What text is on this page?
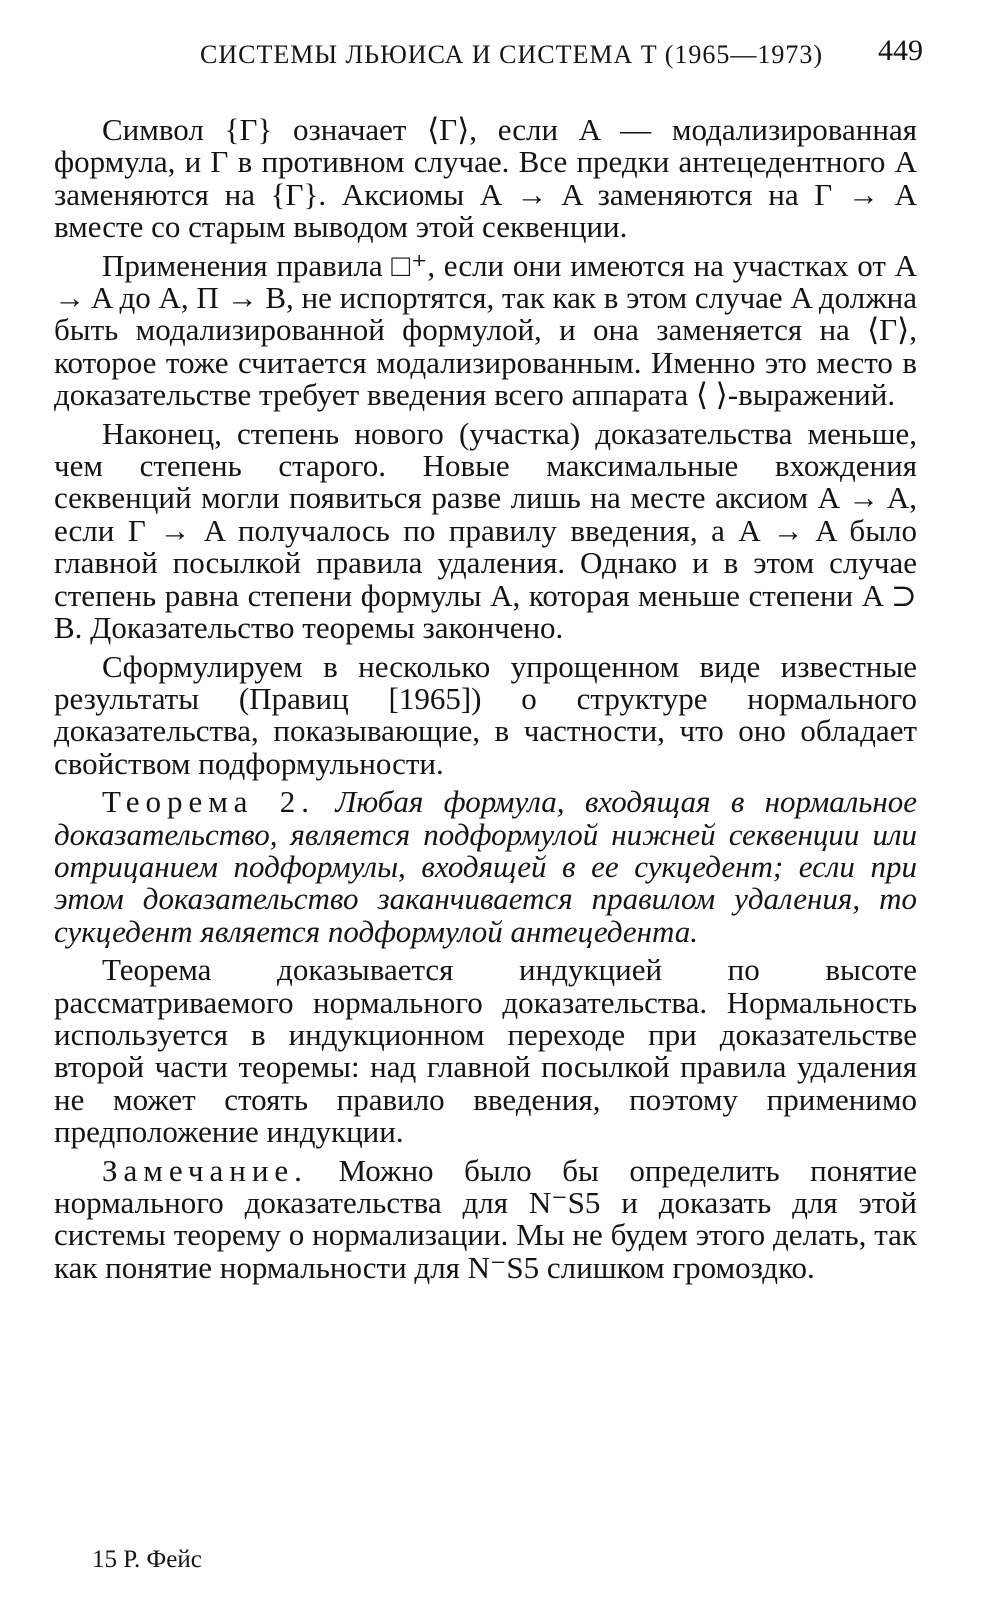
СИСТЕМЫ ЛЬЮИСА И СИСТЕМА T (1965—1973) 449

Символ {Г} означает ⟨Г⟩, если A — модализированная формула, и Г в противном случае. Все предки антецедентного A заменяются на {Г}. Аксиомы A → A заменяются на Г → A вместе со старым выводом этой секвенции.

Применения правила □⁺, если они имеются на участках от A → A до A, П → B, не испортятся, так как в этом случае A должна быть модализированной формулой, и она заменяется на ⟨Г⟩, которое тоже считается модализированным. Именно это место в доказательстве требует введения всего аппарата ⟨ ⟩-выражений.

Наконец, степень нового (участка) доказательства меньше, чем степень старого. Новые максимальные вхождения секвенций могли появиться разве лишь на месте аксиом A → A, если Г → A получалось по правилу введения, а A → A было главной посылкой правила удаления. Однако и в этом случае степень равна степени формулы A, которая меньше степени A ⊃ B. Доказательство теоремы закончено.

Сформулируем в несколько упрощенном виде известные результаты (Правиц [1965]) о структуре нормального доказательства, показывающие, в частности, что оно обладает свойством подформульности.

Теорема 2. Любая формула, входящая в нормальное доказательство, является подформулой нижней секвенции или отрицанием подформулы, входящей в ее сукцедент; если при этом доказательство заканчивается правилом удаления, то сукцедент является подформулой антецедента.

Теорема доказывается индукцией по высоте рассматриваемого нормального доказательства. Нормальность используется в индукционном переходе при доказательстве второй части теоремы: над главной посылкой правила удаления не может стоять правило введения, поэтому применимо предположение индукции.

Замечание. Можно было бы определить понятие нормального доказательства для N⁻S5 и доказать для этой системы теорему о нормализации. Мы не будем этого делать, так как понятие нормальности для N⁻S5 слишком громоздко.

15 Р. Фейс
